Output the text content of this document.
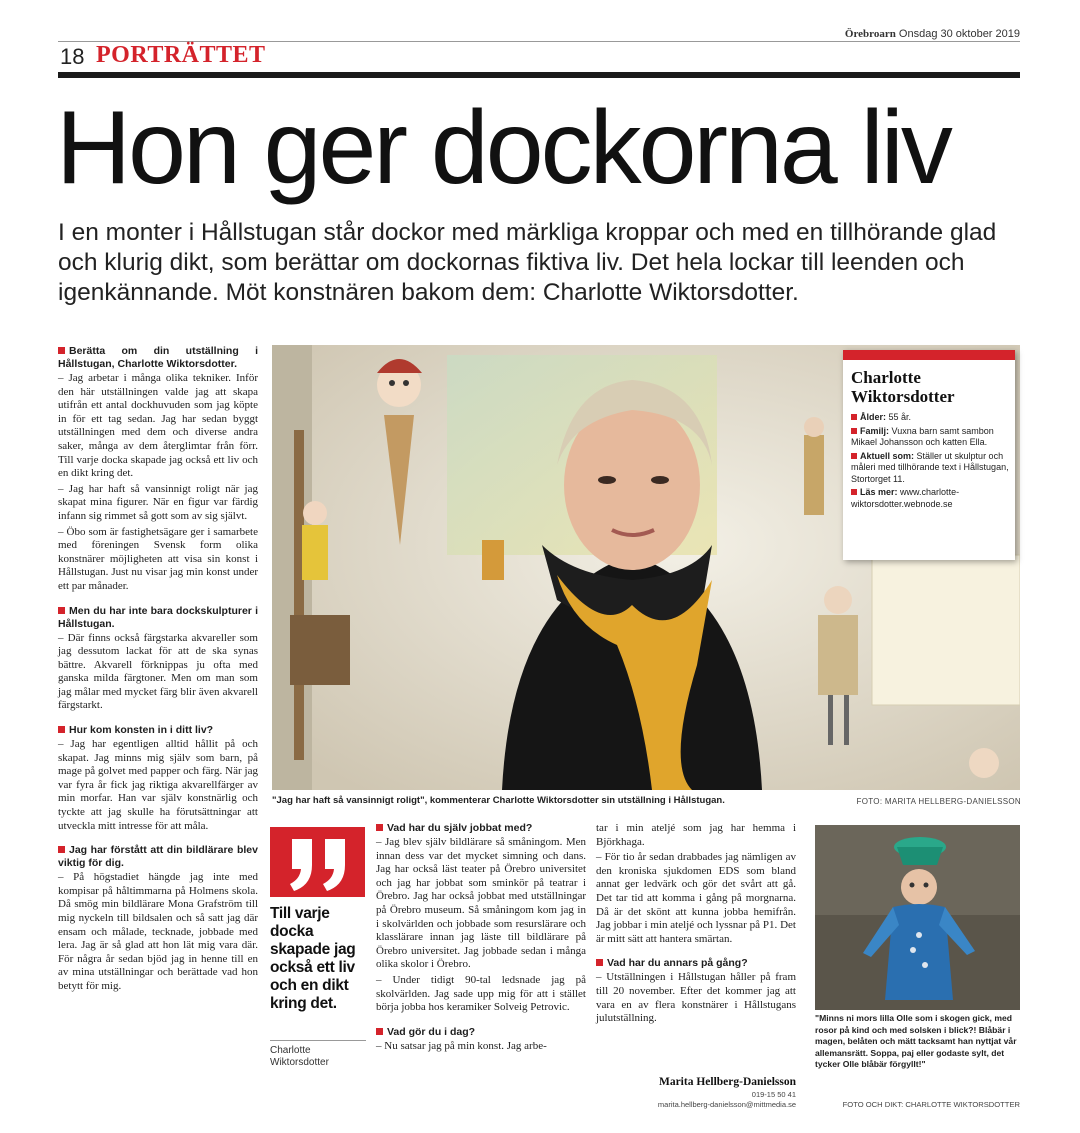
Örebroarn Onsdag 30 oktober 2019
18 PORTRÄTTET
Hon ger dockorna liv
I en monter i Hållstugan står dockor med märkliga kroppar och med en tillhörande glad och klurig dikt, som berättar om dockornas fiktiva liv. Det hela lockar till leenden och igenkännande. Möt konstnären bakom dem: Charlotte Wiktorsdotter.
Berätta om din utställning i Hållstugan, Charlotte Wiktorsdotter.

– Jag arbetar i många olika tekniker. Inför den här utställningen valde jag att skapa utifrån ett antal dockhuvuden som jag köpte in för ett tag sedan. Jag har sedan byggt utställningen med dem och diverse andra saker, många av dem återglimtar från förr. Till varje docka skapade jag också ett liv och en dikt kring det.

– Jag har haft så vansinnigt roligt när jag skapat mina figurer. När en figur var färdig infann sig rimmet så gott som av sig självt.

– Öbo som är fastighetsägare ger i samarbete med föreningen Svensk form olika konstnärer möjligheten att visa sin konst i Hållstugan. Just nu visar jag min konst under ett par månader.

Men du har inte bara dockskulpturer i Hållstugan.

– Där finns också färgstarka akvareller som jag dessutom lackat för att de ska synas bättre. Akvarell förknippas ju ofta med ganska milda färgtoner. Men om man som jag målar med mycket färg blir även akvarell färgstarkt.

Hur kom konsten in i ditt liv?

– Jag har egentligen alltid hållit på och skapat. Jag minns mig själv som barn, på mage på golvet med papper och färg. När jag var fyra år fick jag riktiga akvarellfärger av min morfar. Han var själv konstnärlig och tyckte att jag skulle ha förutsättningar att utveckla mitt intresse för att måla.

Jag har förstått att din bildlärare blev viktig för dig.

– På högstadiet hängde jag inte med kompisar på håltimmarna på Holmens skola. Då smög min bildlärare Mona Grafström till mig nyckeln till bildsalen och så satt jag där ensam och målade, tecknade, jobbade med lera. Jag är så glad att hon lät mig vara där. För några år sedan bjöd jag in henne till en av mina utställningar och berättade vad hon betytt för mig.

Charlotte
Wiktorsdotter
Ålder: 55 år.
Familj: Vuxna barn samt sambon Mikael Johansson och katten Ella.
Aktuell som: Ställer ut skulptur och måleri med tillhörande text i Hållstugan, Stortorget 11.
Läs mer: www.charlotte-wiktorsdotter.webnode.se
"Jag har haft så vansinnigt roligt", kommenterar Charlotte Wiktorsdotter sin utställning i Hållstugan.	FOTO: MARITA HELLBERG-DANIELSSON
Till varje docka skapade jag också ett liv och en dikt kring det.
Charlotte
Wiktorsdotter
Vad har du själv jobbat med?

– Jag blev själv bildlärare så småningom. Men innan dess var det mycket simning och dans. Jag har också läst teater på Örebro universitet och jag har jobbat som sminkör på teatrar i Örebro. Jag har också jobbat med utställningar på Örebro museum. Så småningom kom jag in i skolvärlden och jobbade som resurslärare och klasslärare innan jag läste till bildlärare på Örebro universitet. Jag jobbade sedan i många olika skolor i Örebro.

– Under tidigt 90-tal ledsnade jag på skolvärlden. Jag sade upp mig för att i stället börja jobba hos keramiker Solveig Petrovic.

Vad gör du i dag?

– Nu satsar jag på min konst. Jag arbe-

tar i min ateljé som jag har hemma i Björkhaga.

– För tio år sedan drabbades jag nämligen av den kroniska sjukdomen EDS som bland annat ger ledvärk och gör det svårt att gå. Det tar tid att komma i gång på morgnarna. Då är det skönt att kunna jobba hemifrån. Jag jobbar i min ateljé och lyssnar på P1. Det är mitt sätt att hantera smärtan.

Vad har du annars på gång?

– Utställningen i Hållstugan håller på fram till 20 november. Efter det kommer jag att vara en av flera konstnärer i Hållstugans julutställning.

Marita Hellberg-Danielsson
019-15 50 41
marita.hellberg-danielsson@mittmedia.se
"Minns ni mors lilla Olle som i skogen gick, med rosor på kind och med solsken i blick?! Blåbär i magen, belåten och mätt tacksamt han nyttjat vår allemansrätt. Soppa, paj eller godaste sylt, det tycker Olle blåbär förgyllt!"
FOTO OCH DIKT: CHARLOTTE WIKTORSDOTTER
